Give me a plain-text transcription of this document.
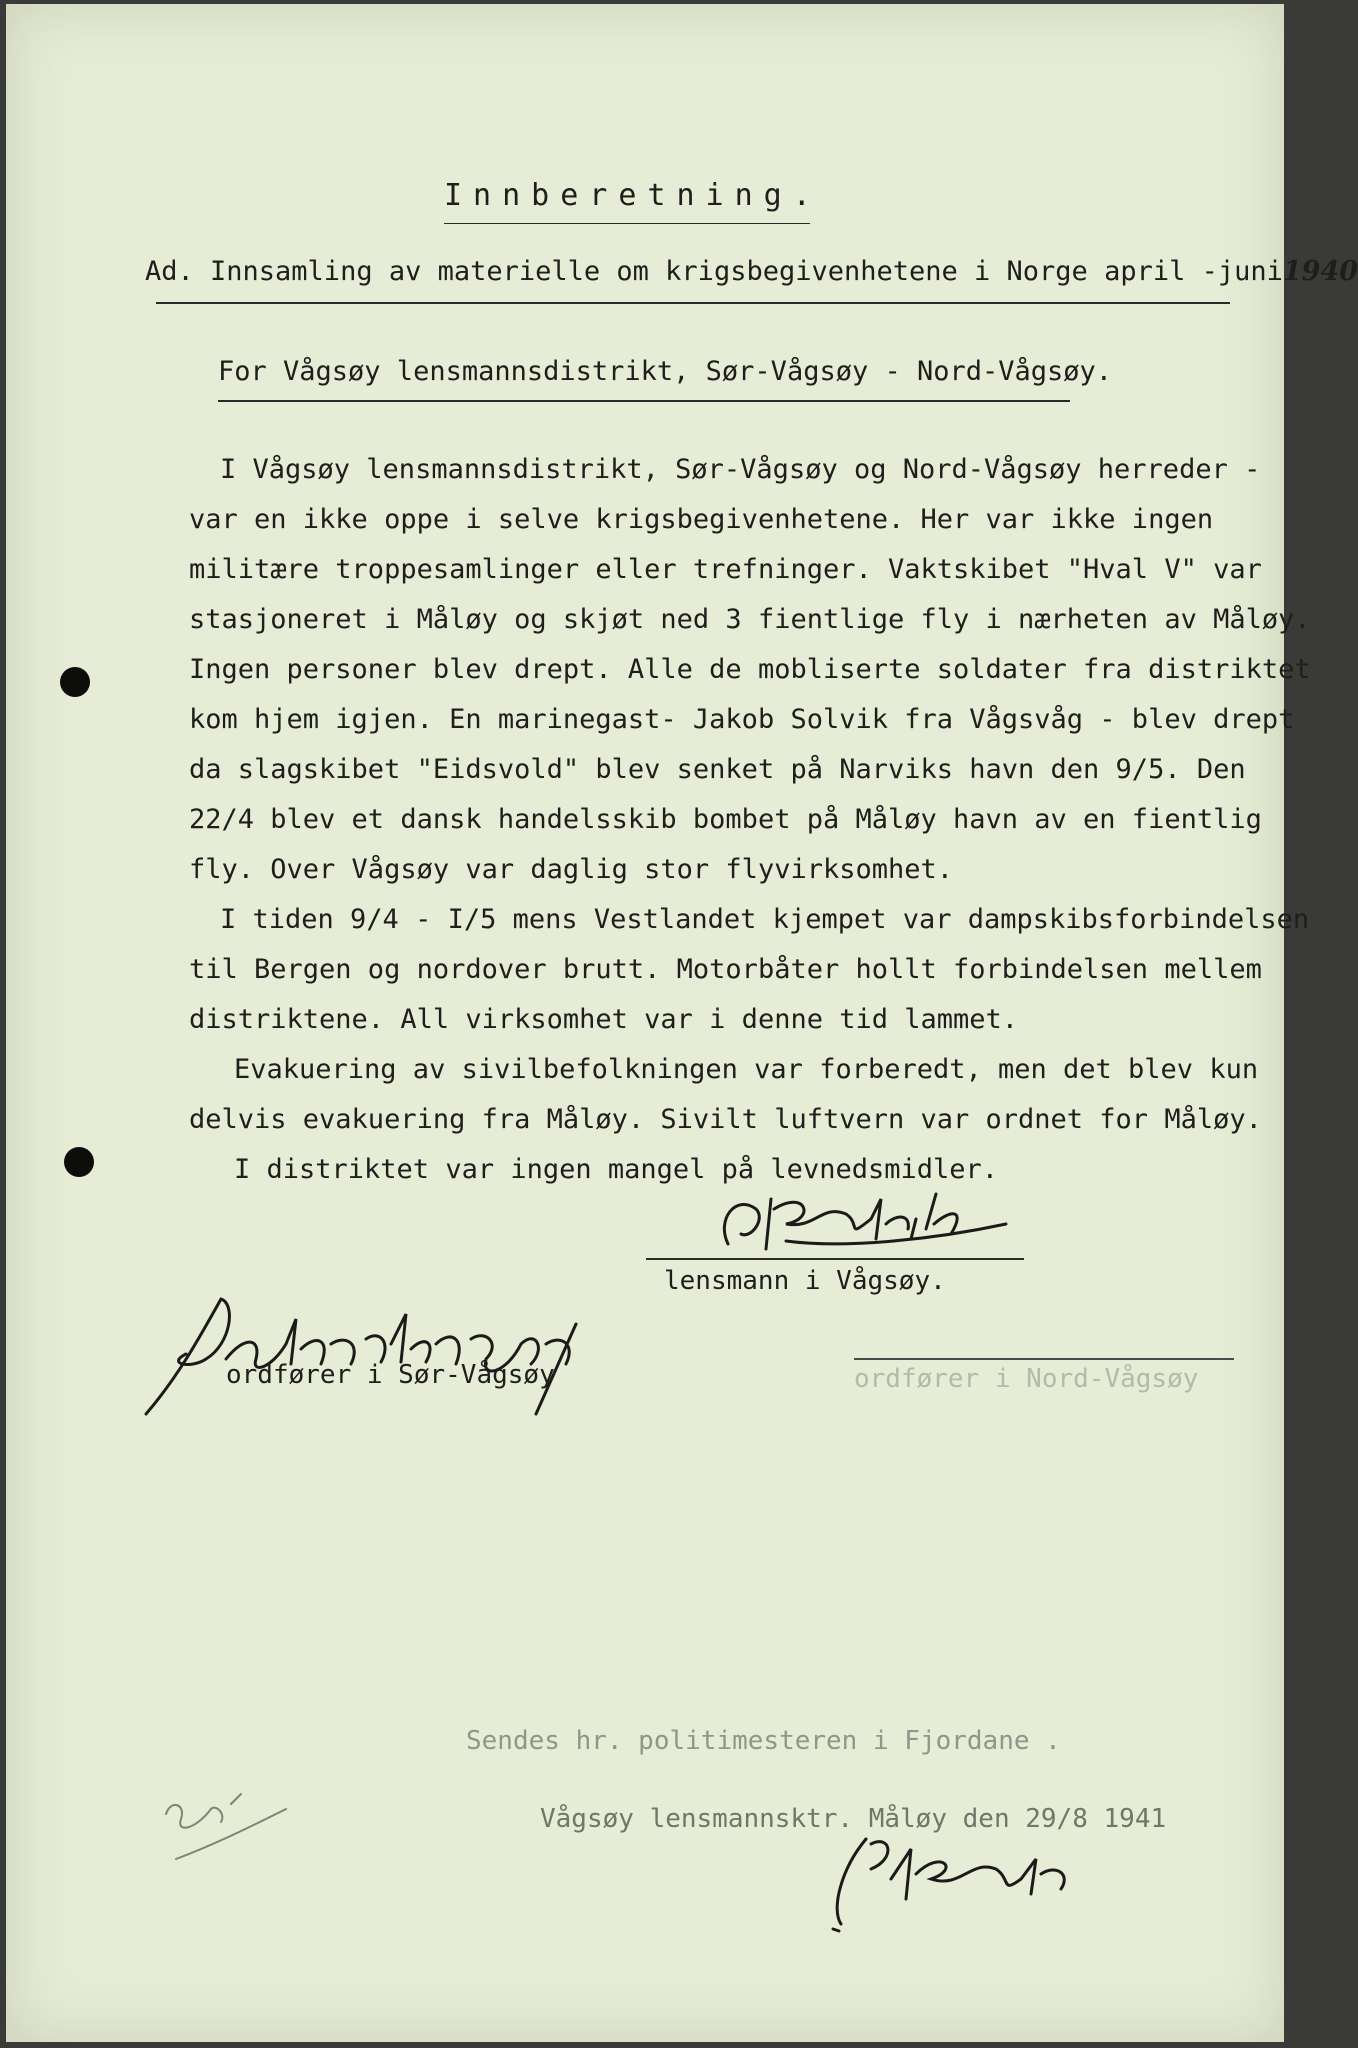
Innberetning.
Ad. Innsamling av materielle om krigsbegivenhetene i Norge april -juni1940
For Vågsøy lensmannsdistrikt, Sør-Vågsøy - Nord-Vågsøy.
I Vågsøy lensmannsdistrikt, Sør-Vågsøy og Nord-Vågsøy herreder -
var en ikke oppe i selve krigsbegivenhetene. Her var ikke ingen
militære troppesamlinger eller trefninger. Vaktskibet "Hval V" var
stasjoneret i Måløy og skjøt ned 3 fientlige fly i nærheten av Måløy.
Ingen personer blev drept. Alle de mobliserte soldater fra distriktet
kom hjem igjen. En marinegast- Jakob Solvik fra Vågsvåg - blev drept
da slagskibet "Eidsvold" blev senket på Narviks havn den 9/5. Den
22/4 blev et dansk handelsskib bombet på Måløy havn av en fientlig
fly. Over Vågsøy var daglig stor flyvirksomhet.
I tiden 9/4 - I/5 mens Vestlandet kjempet var dampskibsforbindelsen
til Bergen og nordover brutt. Motorbåter hollt forbindelsen mellem
distriktene. All virksomhet var i denne tid lammet.
Evakuering av sivilbefolkningen var forberedt, men det blev kun
delvis evakuering fra Måløy. Sivilt luftvern var ordnet for Måløy.
I distriktet var ingen mangel på levnedsmidler.
lensmann i Vågsøy.
ordfører i Sør-Vågsøy	ordfører i Nord-Vågsøy
Sendes hr. politimesteren i Fjordane .
Vågsøy lensmannsktr. Måløy den 29/8 1941
